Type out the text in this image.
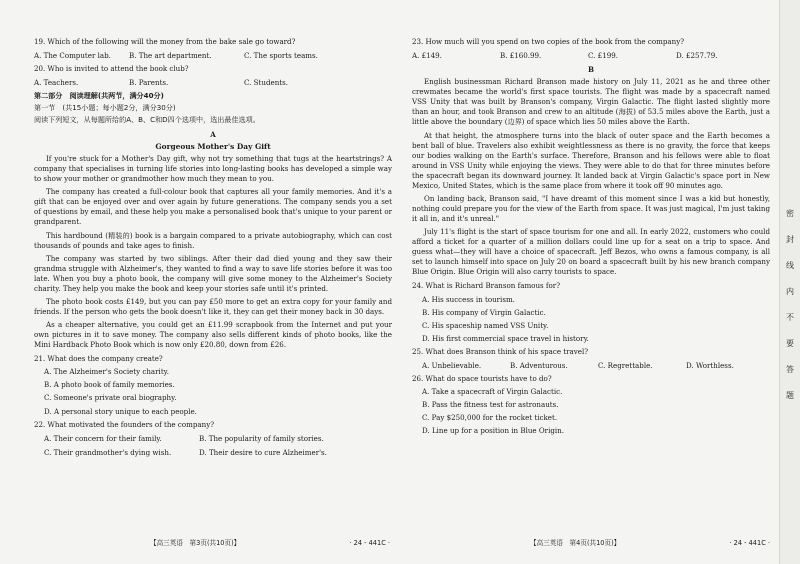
19. Which of the following will the money from the bake sale go toward?

A. The Computer lab.	B. The art department.	C. The sports teams.

20. Who is invited to attend the book club?

A. Teachers.	B. Parents.	C. Students.

第二部分　阅读理解(共两节，满分40分)

第一节　(共15小题；每小题2分，满分30分)

阅读下列短文，从每题所给的A、B、C和D四个选项中，选出最佳选项。

A

Gorgeous Mother's Day Gift

If you're stuck for a Mother's Day gift, why not try something that tugs at the heartstrings? A company that specialises in turning life stories into long-lasting books has developed a simple way to show your mother or grandmother how much they mean to you.

The company has created a full-colour book that captures all your family memories. And it's a gift that can be enjoyed over and over again by future generations. The company sends you a set of questions by email, and these help you make a personalised book that's unique to your parent or grandparent.

This hardbound (精装的) book is a bargain compared to a private autobiography, which can cost thousands of pounds and take ages to finish.

The company was started by two siblings. After their dad died young and they saw their grandma struggle with Alzheimer's, they wanted to find a way to save life stories before it was too late. When you buy a photo book, the company will give some money to the Alzheimer's Society charity. They help you make the book and keep your stories safe until it's printed.

The photo book costs £149, but you can pay £50 more to get an extra copy for your family and friends. If the person who gets the book doesn't like it, they can get their money back in 30 days.

As a cheaper alternative, you could get an £11.99 scrapbook from the Internet and put your own pictures in it to save money. The company also sells different kinds of photo books, like the Mini Hardback Photo Book which is now only £20.80, down from £26.

21. What does the company create?

A. The Alzheimer's Society charity.

B. A photo book of family memories.

C. Someone's private oral biography.

D. A personal story unique to each people.

22. What motivated the founders of the company?

A. Their concern for their family.	B. The popularity of family stories.
C. Their grandmother's dying wish.	D. Their desire to cure Alzheimer's.
【高三英语　第3页(共10页)】	· 24 - 441C ·

23. How much will you spend on two copies of the book from the company?

A. £149.	B. £160.99.	C. £199.	D. £257.79.

B

English businessman Richard Branson made history on July 11, 2021 as he and three other crewmates became the world's first space tourists. The flight was made by a spacecraft named VSS Unity that was built by Branson's company, Virgin Galactic. The flight lasted slightly more than an hour, and took Branson and crew to an altitude (海拔) of 53.5 miles above the Earth, just a little above the boundary (边界) of space which lies 50 miles above the Earth.

At that height, the atmosphere turns into the black of outer space and the Earth becomes a bent ball of blue. Travelers also exhibit weightlessness as there is no gravity, the force that keeps our bodies walking on the Earth's surface. Therefore, Branson and his fellows were able to float around in VSS Unity while enjoying the views. They were able to do that for three minutes before the spacecraft began its downward journey. It landed back at Virgin Galactic's space port in New Mexico, United States, which is the same place from where it took off 90 minutes ago.

On landing back, Branson said, "I have dreamt of this moment since I was a kid but honestly, nothing could prepare you for the view of the Earth from space. It was just magical, I'm just taking it all in, and it's unreal."

July 11's flight is the start of space tourism for one and all. In early 2022, customers who could afford a ticket for a quarter of a million dollars could line up for a seat on a trip to space. And guess what—they will have a choice of spacecraft. Jeff Bezos, who owns a famous company, is all set to launch himself into space on July 20 on board a spacecraft built by his new branch company Blue Origin. Blue Origin will also carry tourists to space.

24. What is Richard Branson famous for?

A. His success in tourism.

B. His company of Virgin Galactic.

C. His spaceship named VSS Unity.

D. His first commercial space travel in history.

25. What does Branson think of his space travel?

A. Unbelievable.	B. Adventurous.	C. Regrettable.	D. Worthless.

26. What do space tourists have to do?

A. Take a spacecraft of Virgin Galactic.

B. Pass the fitness test for astronauts.

C. Pay $250,000 for the rocket ticket.

D. Line up for a position in Blue Origin.

【高三英语　第4页(共10页)】	· 24 - 441C ·
密
封
线
内
不
要
答
题
